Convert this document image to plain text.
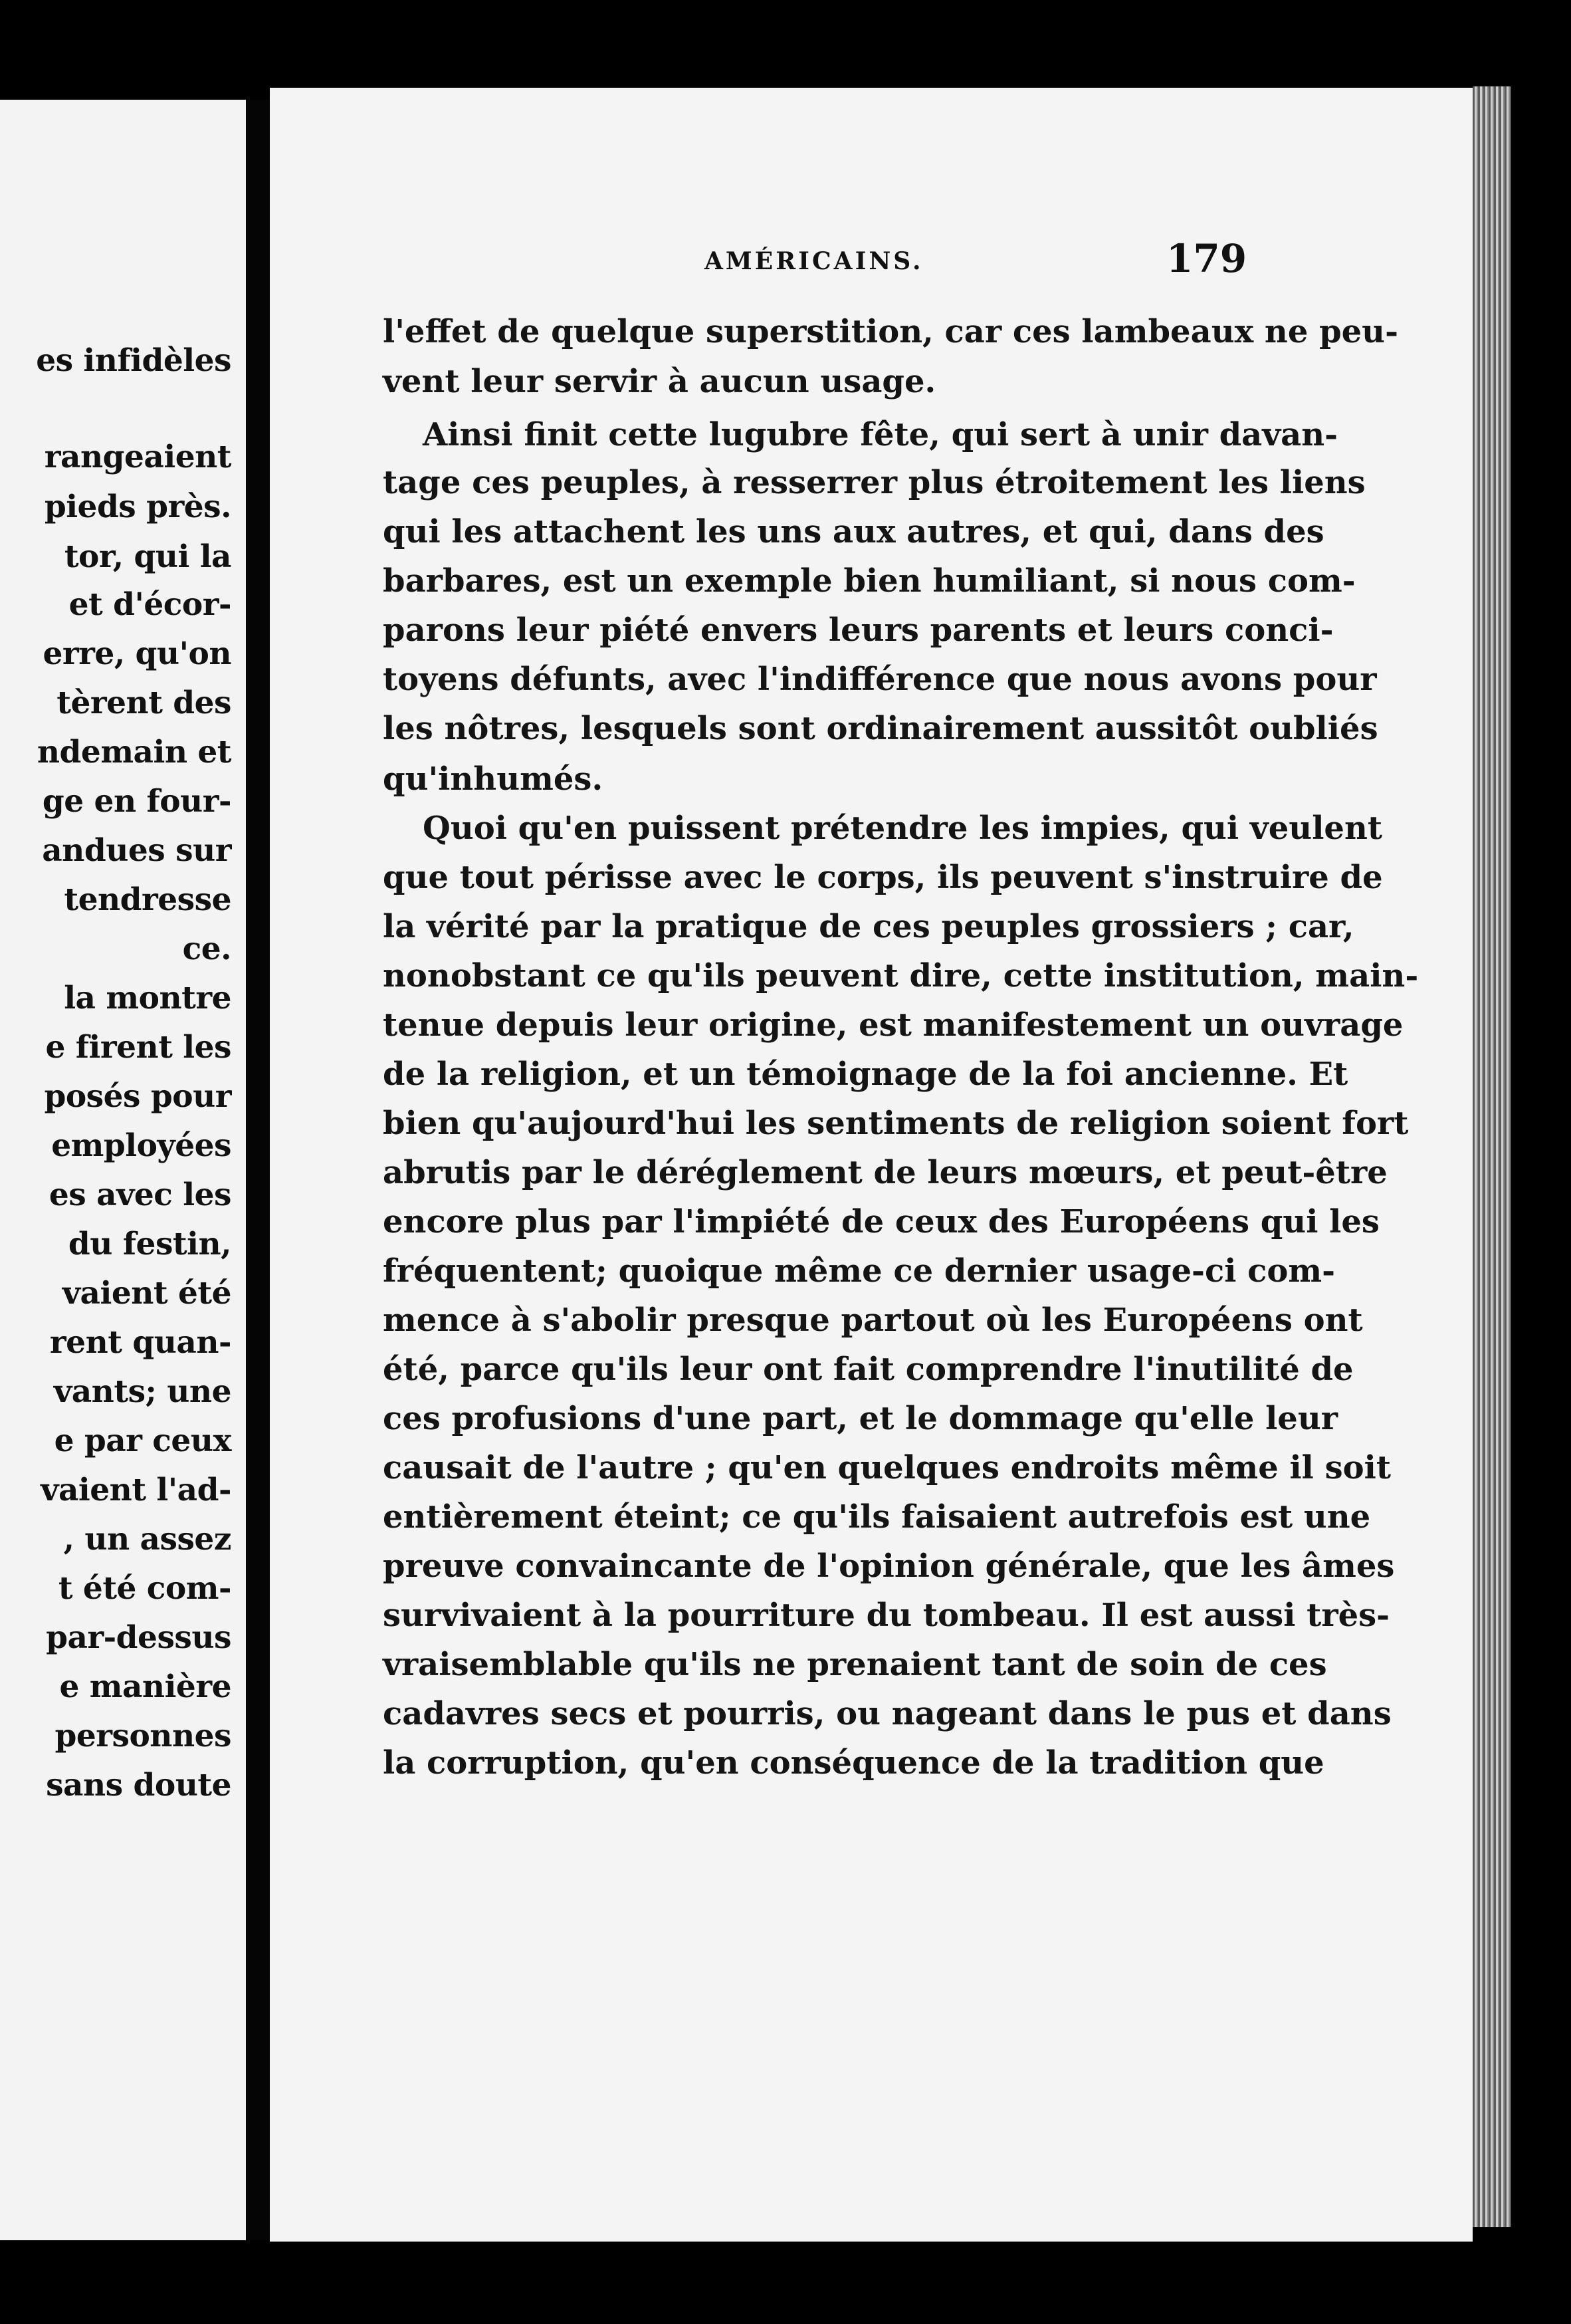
es infidèles
rangeaient
pieds près.
tor, qui la
et d'écor-
erre, qu'on
tèrent des
ndemain et
ge en four-
andues sur
tendresse
ce.
la montre
e firent les
posés pour
employées
es avec les
du festin,
vaient été
rent quan-
vants; une
e par ceux
vaient l'ad-
, un assez
t été com-
par-dessus
e manière
personnes
sans doute
AMÉRICAINS.	179
l'effet de quelque superstition, car ces lambeaux ne peu-
vent leur servir à aucun usage.
Ainsi finit cette lugubre fête, qui sert à unir davan-
tage ces peuples, à resserrer plus étroitement les liens
qui les attachent les uns aux autres, et qui, dans des
barbares, est un exemple bien humiliant, si nous com-
parons leur piété envers leurs parents et leurs conci-
toyens défunts, avec l'indifférence que nous avons pour
les nôtres, lesquels sont ordinairement aussitôt oubliés
qu'inhumés.
Quoi qu'en puissent prétendre les impies, qui veulent
que tout périsse avec le corps, ils peuvent s'instruire de
la vérité par la pratique de ces peuples grossiers ; car,
nonobstant ce qu'ils peuvent dire, cette institution, main-
tenue depuis leur origine, est manifestement un ouvrage
de la religion, et un témoignage de la foi ancienne. Et
bien qu'aujourd'hui les sentiments de religion soient fort
abrutis par le déréglement de leurs mœurs, et peut-être
encore plus par l'impiété de ceux des Européens qui les
fréquentent; quoique même ce dernier usage-ci com-
mence à s'abolir presque partout où les Européens ont
été, parce qu'ils leur ont fait comprendre l'inutilité de
ces profusions d'une part, et le dommage qu'elle leur
causait de l'autre ; qu'en quelques endroits même il soit
entièrement éteint; ce qu'ils faisaient autrefois est une
preuve convaincante de l'opinion générale, que les âmes
survivaient à la pourriture du tombeau. Il est aussi très-
vraisemblable qu'ils ne prenaient tant de soin de ces
cadavres secs et pourris, ou nageant dans le pus et dans
la corruption, qu'en conséquence de la tradition que
